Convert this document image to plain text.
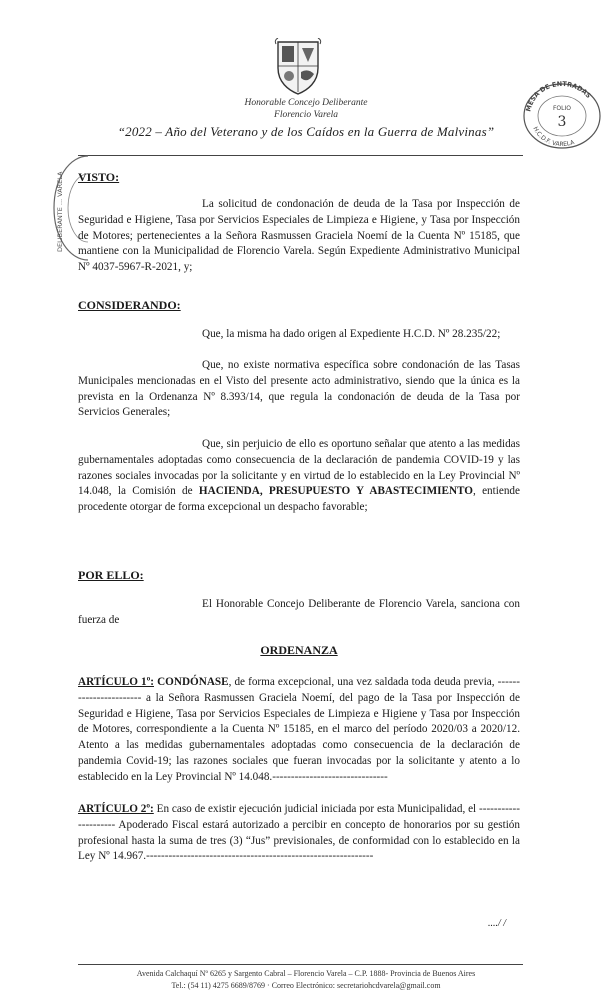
Honorable Concejo Deliberante
Florencio Varela
“2022 – Año del Veterano y de los Caídos en la Guerra de Malvinas”
MESA DE ENTRADAS
FOLIO
3
H.C.D.F. VARELA
DELIBERANTE ... VARELA VISTO:

La solicitud de condonación de deuda de la Tasa por Inspección de Seguridad e Higiene, Tasa por Servicios Especiales de Limpieza e Higiene, y Tasa por Inspección de Motores; pertenecientes a la Señora Rasmussen Graciela Noemí de la Cuenta Nº 15185, que mantiene con la Municipalidad de Florencio Varela. Según Expediente Administrativo Municipal Nº 4037-5967-R-2021, y;

CONSIDERANDO:

Que, la misma ha dado origen al Expediente H.C.D. Nº 28.235/22;

Que, no existe normativa específica sobre condonación de las Tasas Municipales mencionadas en el Visto del presente acto administrativo, siendo que la única es la prevista en la Ordenanza Nº 8.393/14, que regula la condonación de deuda de la Tasa por Servicios Generales;

Que, sin perjuicio de ello es oportuno señalar que atento a las medidas gubernamentales adoptadas como consecuencia de la declaración de pandemia COVID-19 y las razones sociales invocadas por la solicitante y en virtud de lo establecido en la Ley Provincial Nº 14.048, la Comisión de HACIENDA, PRESUPUESTO Y ABASTECIMIENTO, entiende procedente otorgar de forma excepcional un despacho favorable;

POR ELLO:

El Honorable Concejo Deliberante de Florencio Varela, sanciona con fuerza de

ORDENANZA

ARTÍCULO 1º: CONDÓNASE, de forma excepcional, una vez saldada toda deuda previa, ----------------------- a la Señora Rasmussen Graciela Noemí, del pago de la Tasa por Inspección de Seguridad e Higiene, Tasa por Servicios Especiales de Limpieza e Higiene y Tasa por Inspección de Motores, correspondiente a la Cuenta Nº 15185, en el marco del período 2020/03 a 2020/12. Atento a las medidas gubernamentales adoptadas como consecuencia de la declaración de pandemia Covid-19; las razones sociales que fueran invocadas por la solicitante y atento a lo establecido en la Ley Provincial Nº 14.048.-------------------------------

ARTÍCULO 2º: En caso de existir ejecución judicial iniciada por esta Municipalidad, el --------------------- Apoderado Fiscal estará autorizado a percibir en concepto de honorarios por su gestión profesional hasta la suma de tres (3) “Jus” previsionales, de conformidad con lo establecido en la Ley Nº 14.967.-------------------------------------------------------------

..../ /
Avenida Calchaquí Nº 6265 y Sargento Cabral – Florencio Varela – C.P. 1888- Provincia de Buenos Aires
Tel.: (54 11) 4275 6689/8769 · Correo Electrónico: secretariohcdvarela@gmail.com
